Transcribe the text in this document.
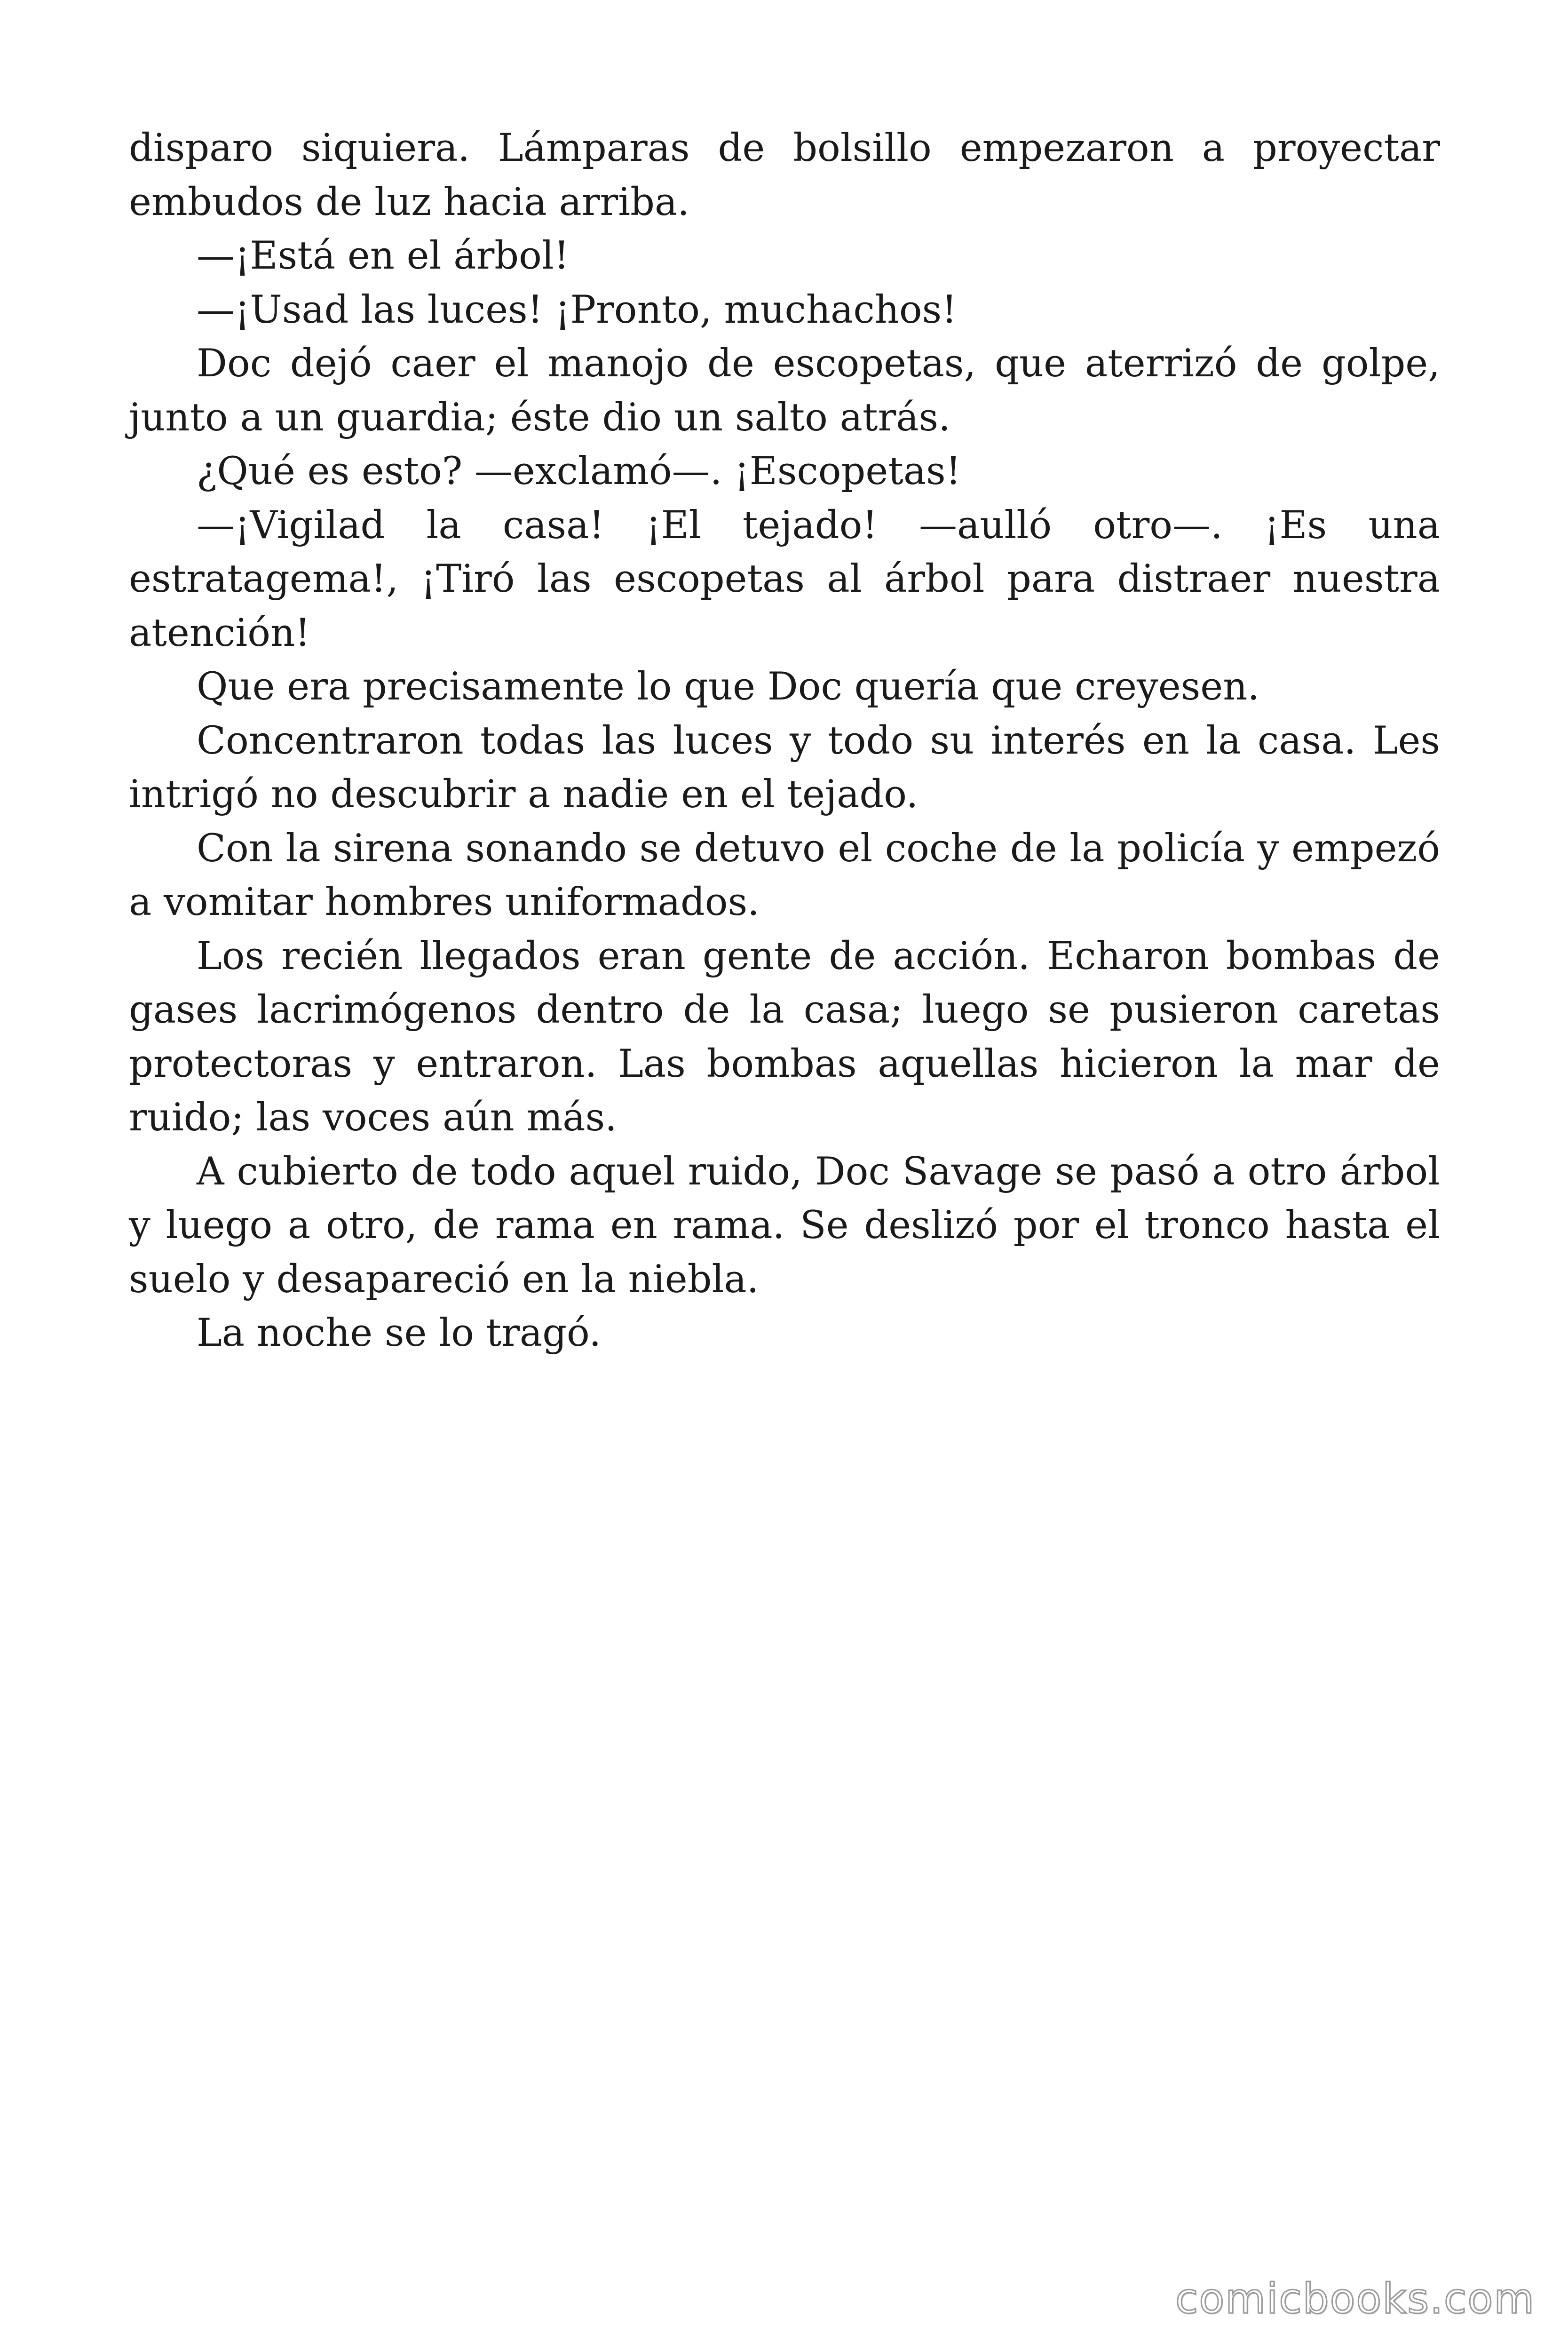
disparo siquiera. Lámparas de bolsillo empezaron a proyectar embudos de luz hacia arriba.

—¡Está en el árbol!

—¡Usad las luces! ¡Pronto, muchachos!

Doc dejó caer el manojo de escopetas, que aterrizó de golpe, junto a un guardia; éste dio un salto atrás.

¿Qué es esto? —exclamó—. ¡Escopetas!

—¡Vigilad la casa! ¡El tejado! —aulló otro—. ¡Es una estratagema!, ¡Tiró las escopetas al árbol para distraer nuestra atención!

Que era precisamente lo que Doc quería que creyesen.

Concentraron todas las luces y todo su interés en la casa. Les intrigó no descubrir a nadie en el tejado.

Con la sirena sonando se detuvo el coche de la policía y empezó a vomitar hombres uniformados.

Los recién llegados eran gente de acción. Echaron bombas de gases lacrimógenos dentro de la casa; luego se pusieron caretas protectoras y entraron. Las bombas aquellas hicieron la mar de ruido; las voces aún más.

A cubierto de todo aquel ruido, Doc Savage se pasó a otro árbol y luego a otro, de rama en rama. Se deslizó por el tronco hasta el suelo y desapareció en la niebla.

La noche se lo tragó.

comicbooks.com
